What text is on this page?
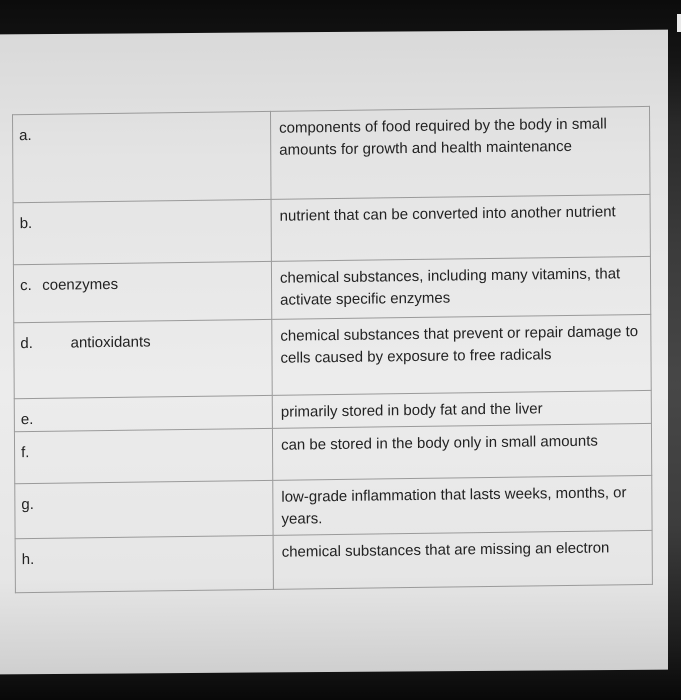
a.	components of food required by the body in small amounts for growth and health maintenance
b.	nutrient that can be converted into another nutrient
c. coenzymes	chemical substances, including many vitamins, that activate specific enzymes
d. antioxidants	chemical substances that prevent or repair damage to cells caused by exposure to free radicals
e.	primarily stored in body fat and the liver
f.	can be stored in the body only in small amounts
g.	low-grade inflammation that lasts weeks, months, or years.
h.	chemical substances that are missing an electron
